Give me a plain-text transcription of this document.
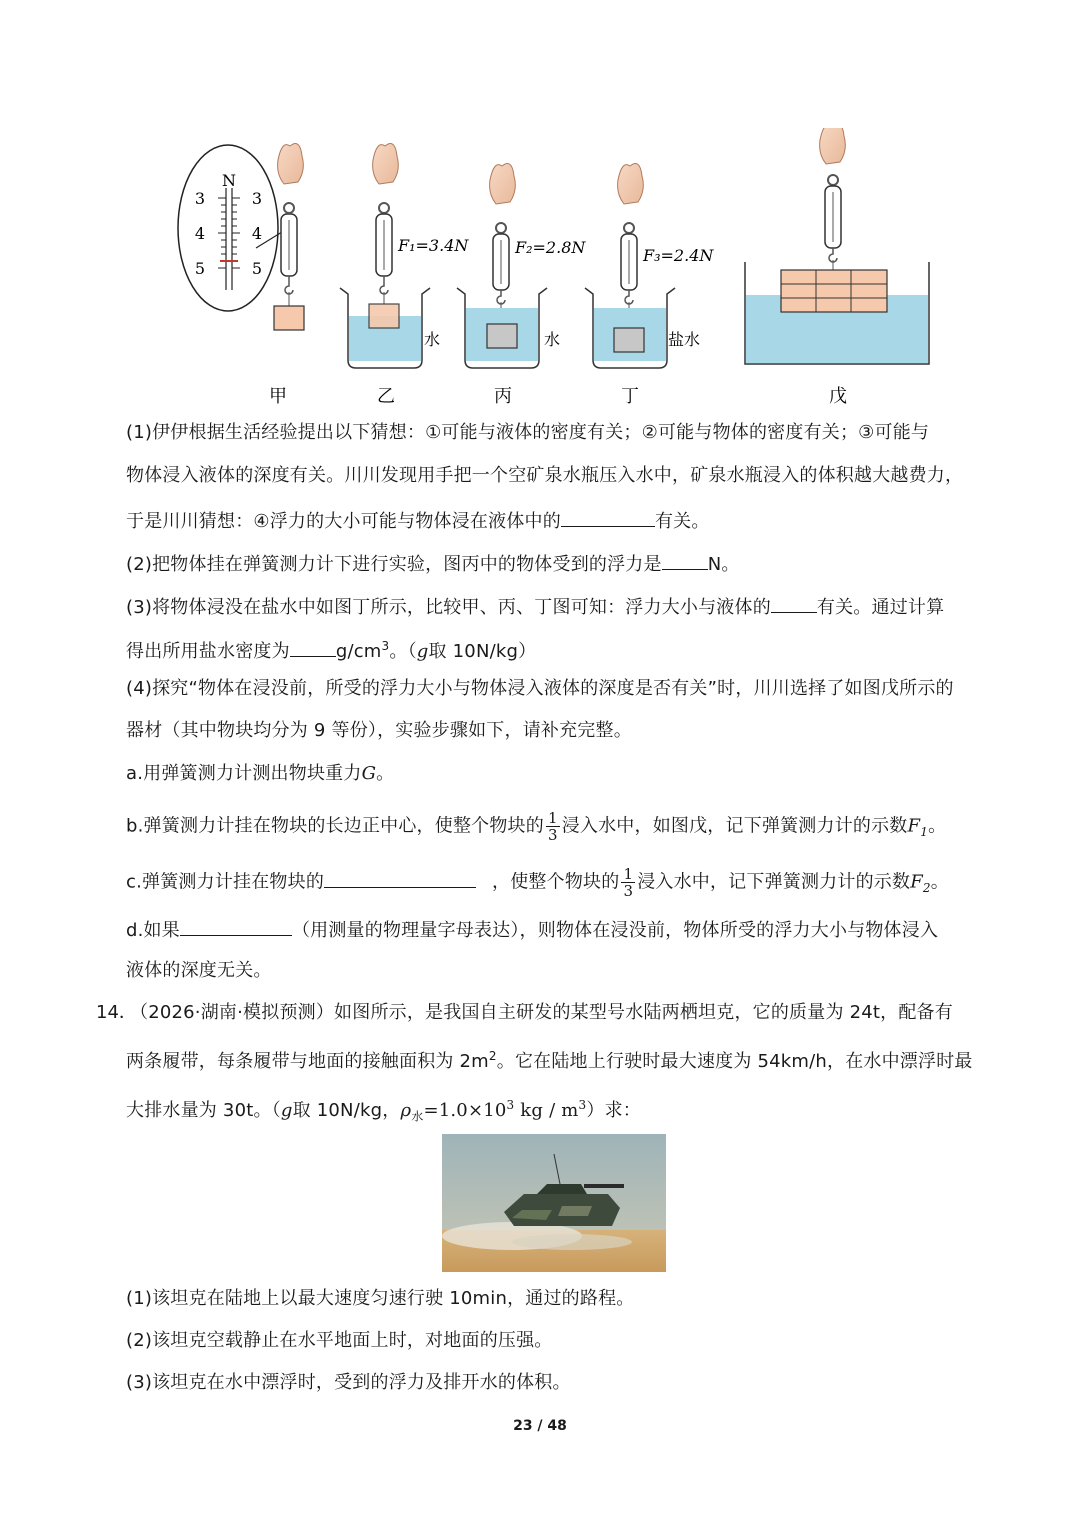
N
3	3
4	4
5	5
F₁=3.4N
水
F₂=2.8N
水
F₃=2.4N
盐水
甲	乙	丙	丁	戊
(1)伊伊根据生活经验提出以下猜想：①可能与液体的密度有关；②可能与物体的密度有关；③可能与
物体浸入液体的深度有关。川川发现用手把一个空矿泉水瓶压入水中，矿泉水瓶浸入的体积越大越费力，
于是川川猜想：④浮力的大小可能与物体浸在液体中的	有关。
(2)把物体挂在弹簧测力计下进行实验，图丙中的物体受到的浮力是	N。
(3)将物体浸没在盐水中如图丁所示，比较甲、丙、丁图可知：浮力大小与液体的	有关。通过计算
得出所用盐水密度为	$g/cm^3$。（g取 10N/kg）
(4)探究“物体在浸没前，所受的浮力大小与物体浸入液体的深度是否有关”时，川川选择了如图戊所示的
器材（其中物块均分为 9 等份），实验步骤如下，请补充完整。
a.用弹簧测力计测出物块重力G。
b.弹簧测力计挂在物块的长边正中心，使整个物块的 $\frac{1}{3}$ 浸入水中，如图戊，记下弹簧测力计的示数$F_1$。
c.弹簧测力计挂在物块的	，使整个物块的 $\frac{1}{3}$ 浸入水中，记下弹簧测力计的示数$F_2$。
d.如果	（用测量的物理量字母表达），则物体在浸没前，物体所受的浮力大小与物体浸入
液体的深度无关。
14．
（2026·湖南·模拟预测）如图所示，是我国自主研发的某型号水陆两栖坦克，它的质量为 24t，配备有
两条履带，每条履带与地面的接触面积为 $2m^2$。它在陆地上行驶时最大速度为 54km/h，在水中漂浮时最
大排水量为 30t。（g取 10N/kg，$\rho_水=1.0\times 10^3$ kg / $m^3$）求：
(1)该坦克在陆地上以最大速度匀速行驶 10min，通过的路程。
(2)该坦克空载静止在水平地面上时，对地面的压强。
(3)该坦克在水中漂浮时，受到的浮力及排开水的体积。
23 / 48
